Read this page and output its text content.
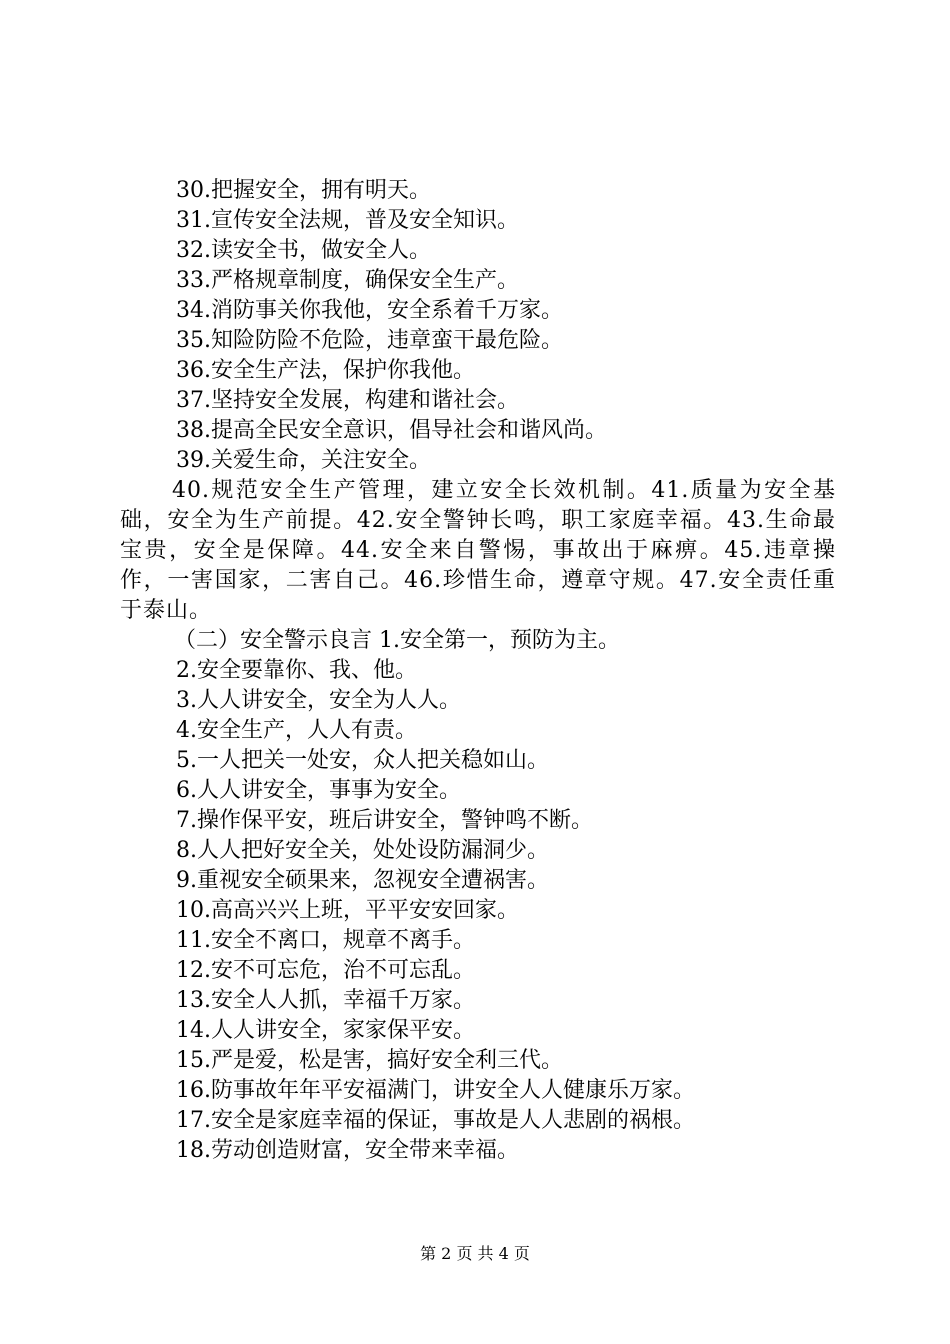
30.把握安全，拥有明天。
31.宣传安全法规，普及安全知识。
32.读安全书，做安全人。
33.严格规章制度，确保安全生产。
34.消防事关你我他，安全系着千万家。
35.知险防险不危险，违章蛮干最危险。
36.安全生产法，保护你我他。
37.坚持安全发展，构建和谐社会。
38.提高全民安全意识，倡导社会和谐风尚。
39.关爱生命，关注安全。

40.规范安全生产管理，建立安全长效机制。41.质量为安全基础，安全为生产前提。42.安全警钟长鸣，职工家庭幸福。43.生命最宝贵，安全是保障。44.安全来自警惕，事故出于麻痹。45.违章操作，一害国家，二害自己。46.珍惜生命，遵章守规。47.安全责任重于泰山。

（二）安全警示良言 1.安全第一，预防为主。
2.安全要靠你、我、他。
3.人人讲安全，安全为人人。
4.安全生产，人人有责。
5.一人把关一处安，众人把关稳如山。
6.人人讲安全，事事为安全。
7.操作保平安，班后讲安全，警钟鸣不断。
8.人人把好安全关，处处设防漏洞少。
9.重视安全硕果来，忽视安全遭祸害。
10.高高兴兴上班，平平安安回家。
11.安全不离口，规章不离手。
12.安不可忘危，治不可忘乱。
13.安全人人抓，幸福千万家。
14.人人讲安全，家家保平安。
15.严是爱，松是害，搞好安全利三代。
16.防事故年年平安福满门，讲安全人人健康乐万家。
17.安全是家庭幸福的保证，事故是人人悲剧的祸根。
18.劳动创造财富，安全带来幸福。
第 2 页 共 4 页
